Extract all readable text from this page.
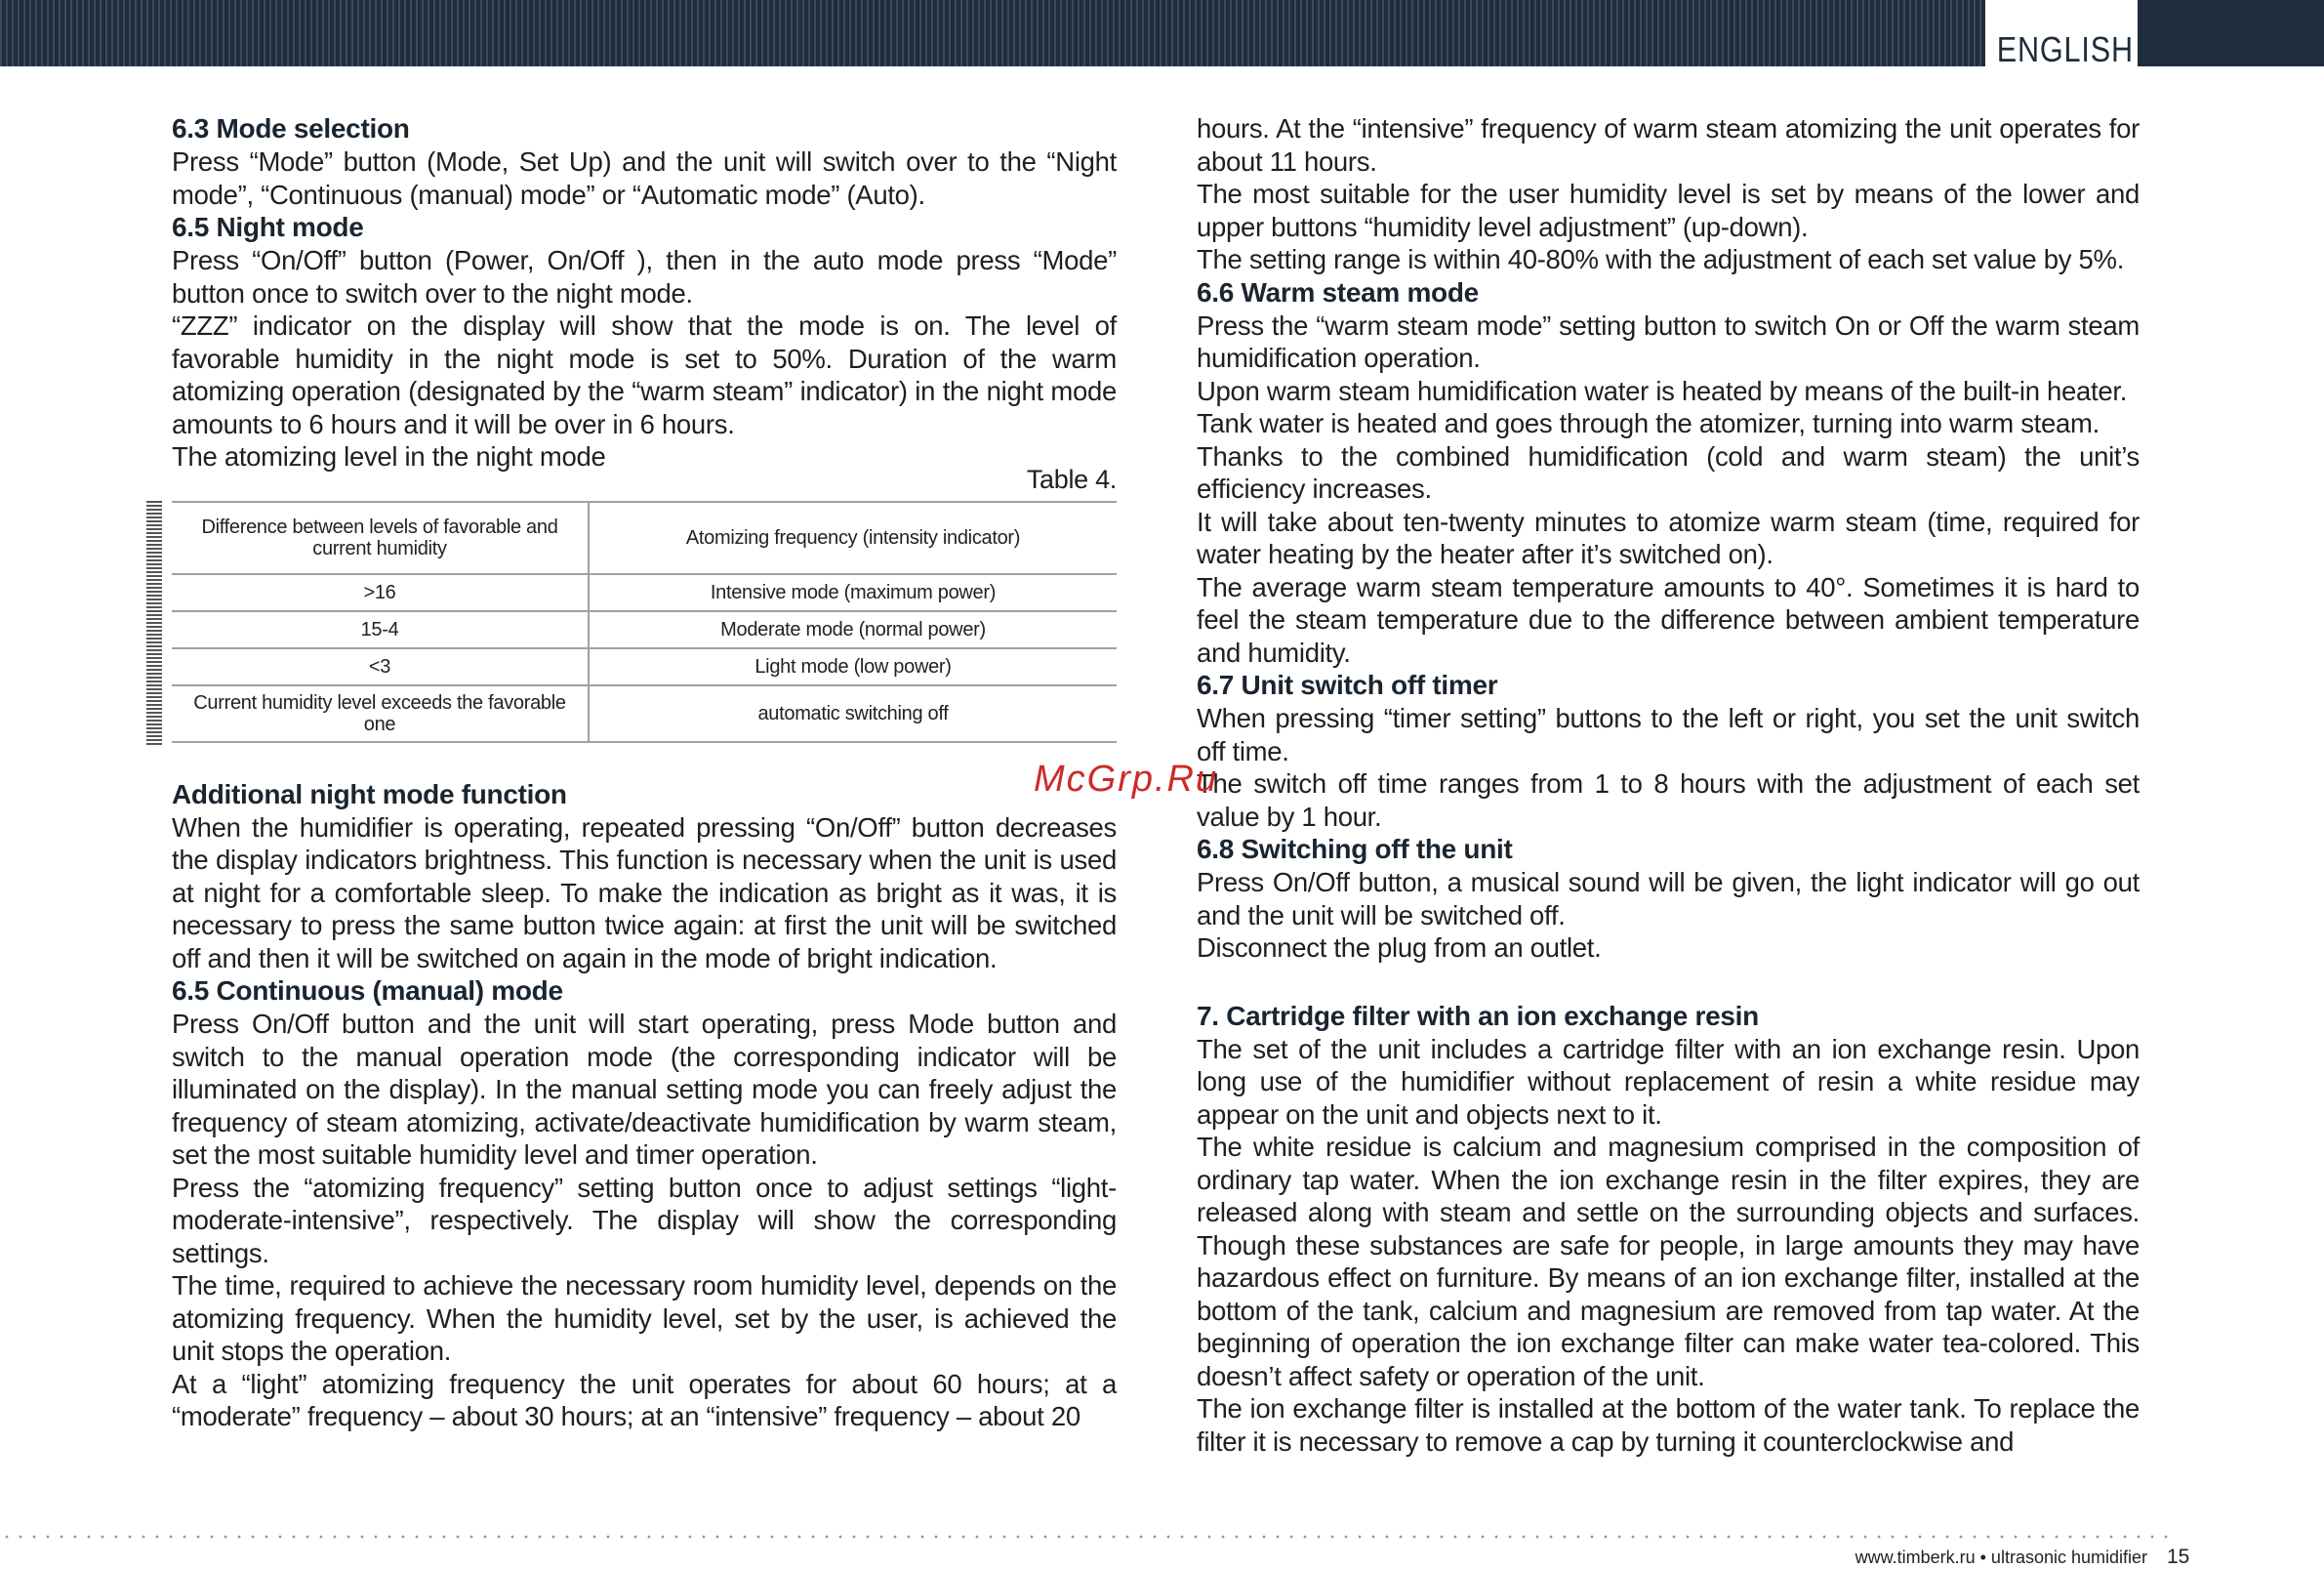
ENGLISH
6.3 Mode selection

Press “Mode” button (Mode, Set Up) and the unit will switch over to the “Night mode”, “Continuous (manual) mode” or “Automatic mode” (Auto).

6.5 Night mode

Press “On/Off” button (Power, On/Off ), then in the auto mode press “Mode” button once to switch over to the night mode.

“ZZZ” indicator on the display will show that the mode is on. The level of favorable humidity in the night mode is set to 50%. Duration of the warm atomizing operation (designated by the “warm steam” indicator) in the night mode amounts to 6 hours and it will be over in 6 hours.

The atomizing level in the night mode

Table 4.
Difference between levels of favorable and current humidity	Atomizing frequency (intensity indicator)
>16	Intensive mode (maximum power)
15-4	Moderate mode (normal power)
<3	Light mode (low power)
Current humidity level exceeds the favorable one	automatic switching off
Additional night mode function

When the humidifier is operating, repeated pressing “On/Off” button decreases the display indicators brightness. This function is necessary when the unit is used at night for a comfortable sleep. To make the indication as bright as it was, it is necessary to press the same button twice again: at first the unit will be switched off and then it will be switched on again in the mode of bright indication.

6.5 Continuous (manual) mode

Press On/Off button and the unit will start operating, press Mode button and switch to the manual operation mode (the corresponding indicator will be illuminated on the display). In the manual setting mode you can freely adjust the frequency of steam atomizing, activate/deactivate humidification by warm steam, set the most suitable humidity level and timer operation.

Press the “atomizing frequency” setting button once to adjust settings “light-moderate-intensive”, respectively. The display will show the corresponding settings.

The time, required to achieve the necessary room humidity level, depends on the atomizing frequency. When the humidity level, set by the user, is achieved the unit stops the operation.

At a “light” atomizing frequency the unit operates for about 60 hours; at a “moderate” frequency – about 30 hours; at an “intensive” frequency – about 20

hours. At the “intensive” frequency of warm steam atomizing the unit operates for about 11 hours.

The most suitable for the user humidity level is set by means of the lower and upper buttons “humidity level adjustment” (up-down).

The setting range is within 40-80% with the adjustment of each set value by 5%.

6.6 Warm steam mode

Press the “warm steam mode” setting button to switch On or Off the warm steam humidification operation.

Upon warm steam humidification water is heated by means of the built-in heater.

Tank water is heated and goes through the atomizer, turning into warm steam.

Thanks to the combined humidification (cold and warm steam) the unit’s efficiency increases.

It will take about ten-twenty minutes to atomize warm steam (time, required for water heating by the heater after it’s switched on).

The average warm steam temperature amounts to 40°. Sometimes it is hard to feel the steam temperature due to the difference between ambient temperature and humidity.

6.7 Unit switch off timer

When pressing “timer setting” buttons to the left or right, you set the unit switch off time.

The switch off time ranges from 1 to 8 hours with the adjustment of each set value by 1 hour.

6.8 Switching off the unit

Press On/Off button, a musical sound will be given, the light indicator will go out and the unit will be switched off.

Disconnect the plug from an outlet.

7. Cartridge filter with an ion exchange resin

The set of the unit includes a cartridge filter with an ion exchange resin. Upon long use of the humidifier without replacement of resin a white residue may appear on the unit and objects next to it.

The white residue is calcium and magnesium comprised in the composition of ordinary tap water. When the ion exchange resin in the filter expires, they are released along with steam and settle on the surrounding objects and surfaces. Though these substances are safe for people, in large amounts they may have hazardous effect on furniture. By means of an ion exchange filter, installed at the bottom of the tank, calcium and magnesium are removed from tap water. At the beginning of operation the ion exchange filter can make water tea-colored. This doesn’t affect safety or operation of the unit.

The ion exchange filter is installed at the bottom of the water tank. To replace the filter it is necessary to remove a cap by turning it counterclockwise and

McGrp.Ru
www.timberk.ru • ultrasonic humidifier 15
